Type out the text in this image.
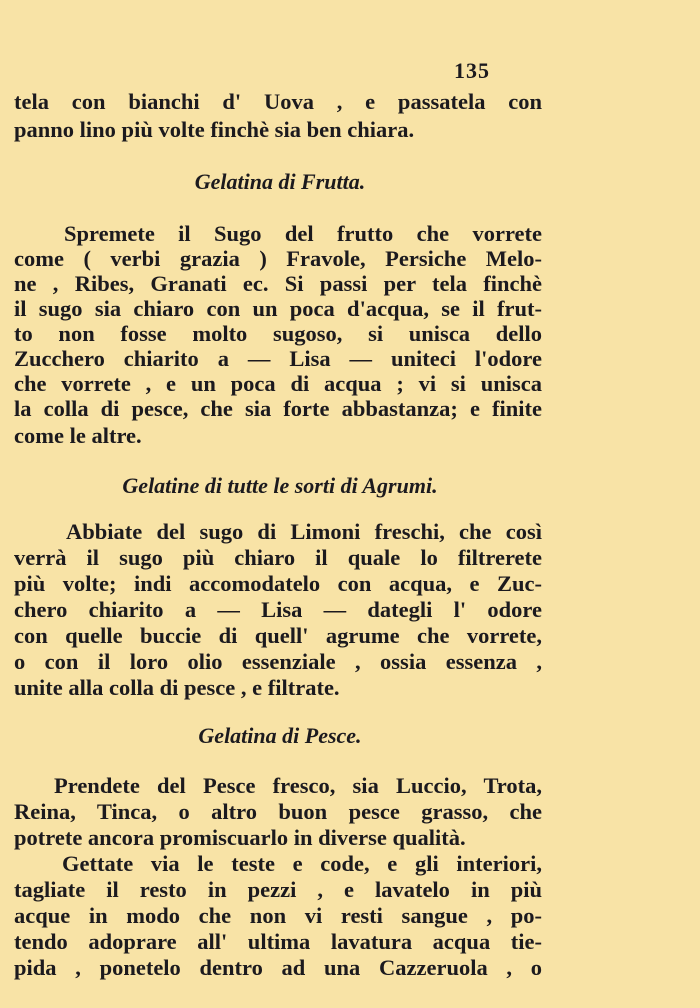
135
tela con bianchi d' Uova , e passatela con
panno lino più volte finchè sia ben chiara.
Gelatina di Frutta.
Spremete il Sugo del frutto che vorrete
come ( verbi grazia ) Fravole, Persiche Melo-
ne , Ribes, Granati ec. Si passi per tela finchè
il sugo sia chiaro con un poca d'acqua, se il frut-
to non fosse molto sugoso, si unisca dello
Zucchero chiarito a — Lisa — uniteci l'odore
che vorrete , e un poca di acqua ; vi si unisca
la colla di pesce, che sia forte abbastanza; e finite
come le altre.
Gelatine di tutte le sorti di Agrumi.
Abbiate del sugo di Limoni freschi, che così
verrà il sugo più chiaro il quale lo filtrerete
più volte; indi accomodatelo con acqua, e Zuc-
chero chiarito a — Lisa — dategli l' odore
con quelle buccie di quell' agrume che vorrete,
o con il loro olio essenziale , ossia essenza ,
unite alla colla di pesce , e filtrate.
Gelatina di Pesce.
Prendete del Pesce fresco, sia Luccio, Trota,
Reina, Tinca, o altro buon pesce grasso, che
potrete ancora promiscuarlo in diverse qualità.
Gettate via le teste e code, e gli interiori,
tagliate il resto in pezzi , e lavatelo in più
acque in modo che non vi resti sangue , po-
tendo adoprare all' ultima lavatura acqua tie-
pida , ponetelo dentro ad una Cazzeruola , o
